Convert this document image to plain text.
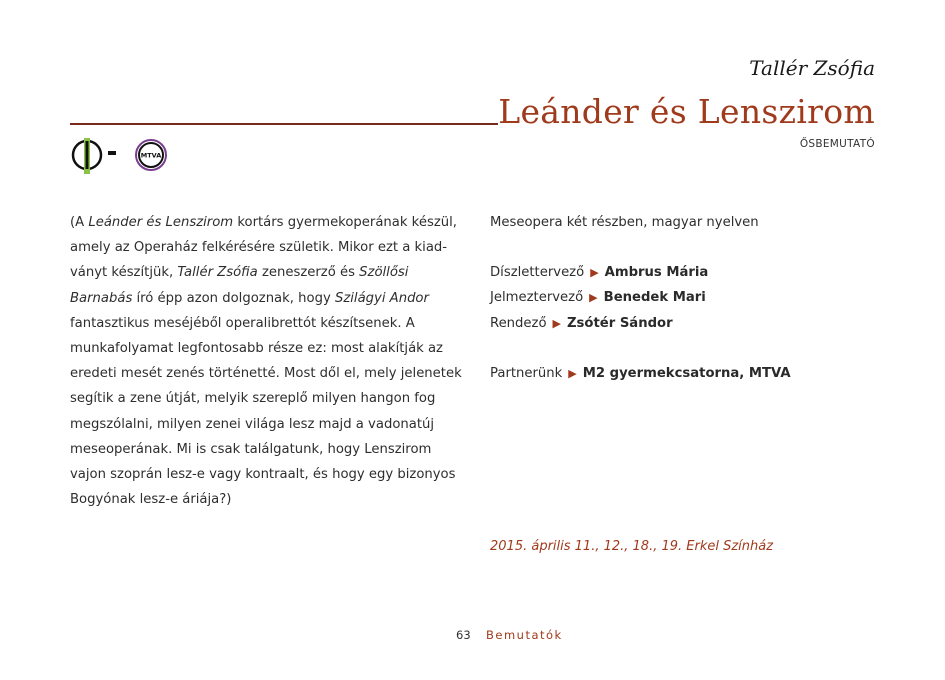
Tallér Zsófia
Leánder és Lenszirom
ŐSBEMUTATÓ
MTVA
(A Leánder és Lenszirom kortárs gyermekoperának készül, amely az Operaház felkérésére születik. Mikor ezt a kiadványt készítjük, Tallér Zsófia zeneszerző és Szöllősi Barnabás író épp azon dolgoznak, hogy Szilágyi Andor fantasztikus meséjéből operalibrettót készítsenek. A munkafolyamat legfontosabb része ez: most alakítják az eredeti mesét zenés történetté. Most dől el, mely jelenetek segítik a zene útját, melyik szereplő milyen hangon fog megszólalni, milyen zenei világa lesz majd a vadonatúj meseoperának. Mi is csak találgatunk, hogy Lenszirom vajon szoprán lesz-e vagy kontraalt, és hogy egy bizonyos Bogyónak lesz-e áriája?)
Meseopera két részben, magyar nyelven
Díszlettervező ▶ Ambrus Mária
Jelmeztervező ▶ Benedek Mari
Rendező ▶ Zsótér Sándor
Partnerünk ▶ M2 gyermekcsatorna, MTVA
2015. április 11., 12., 18., 19. Erkel Színház
63 Bemutatók
